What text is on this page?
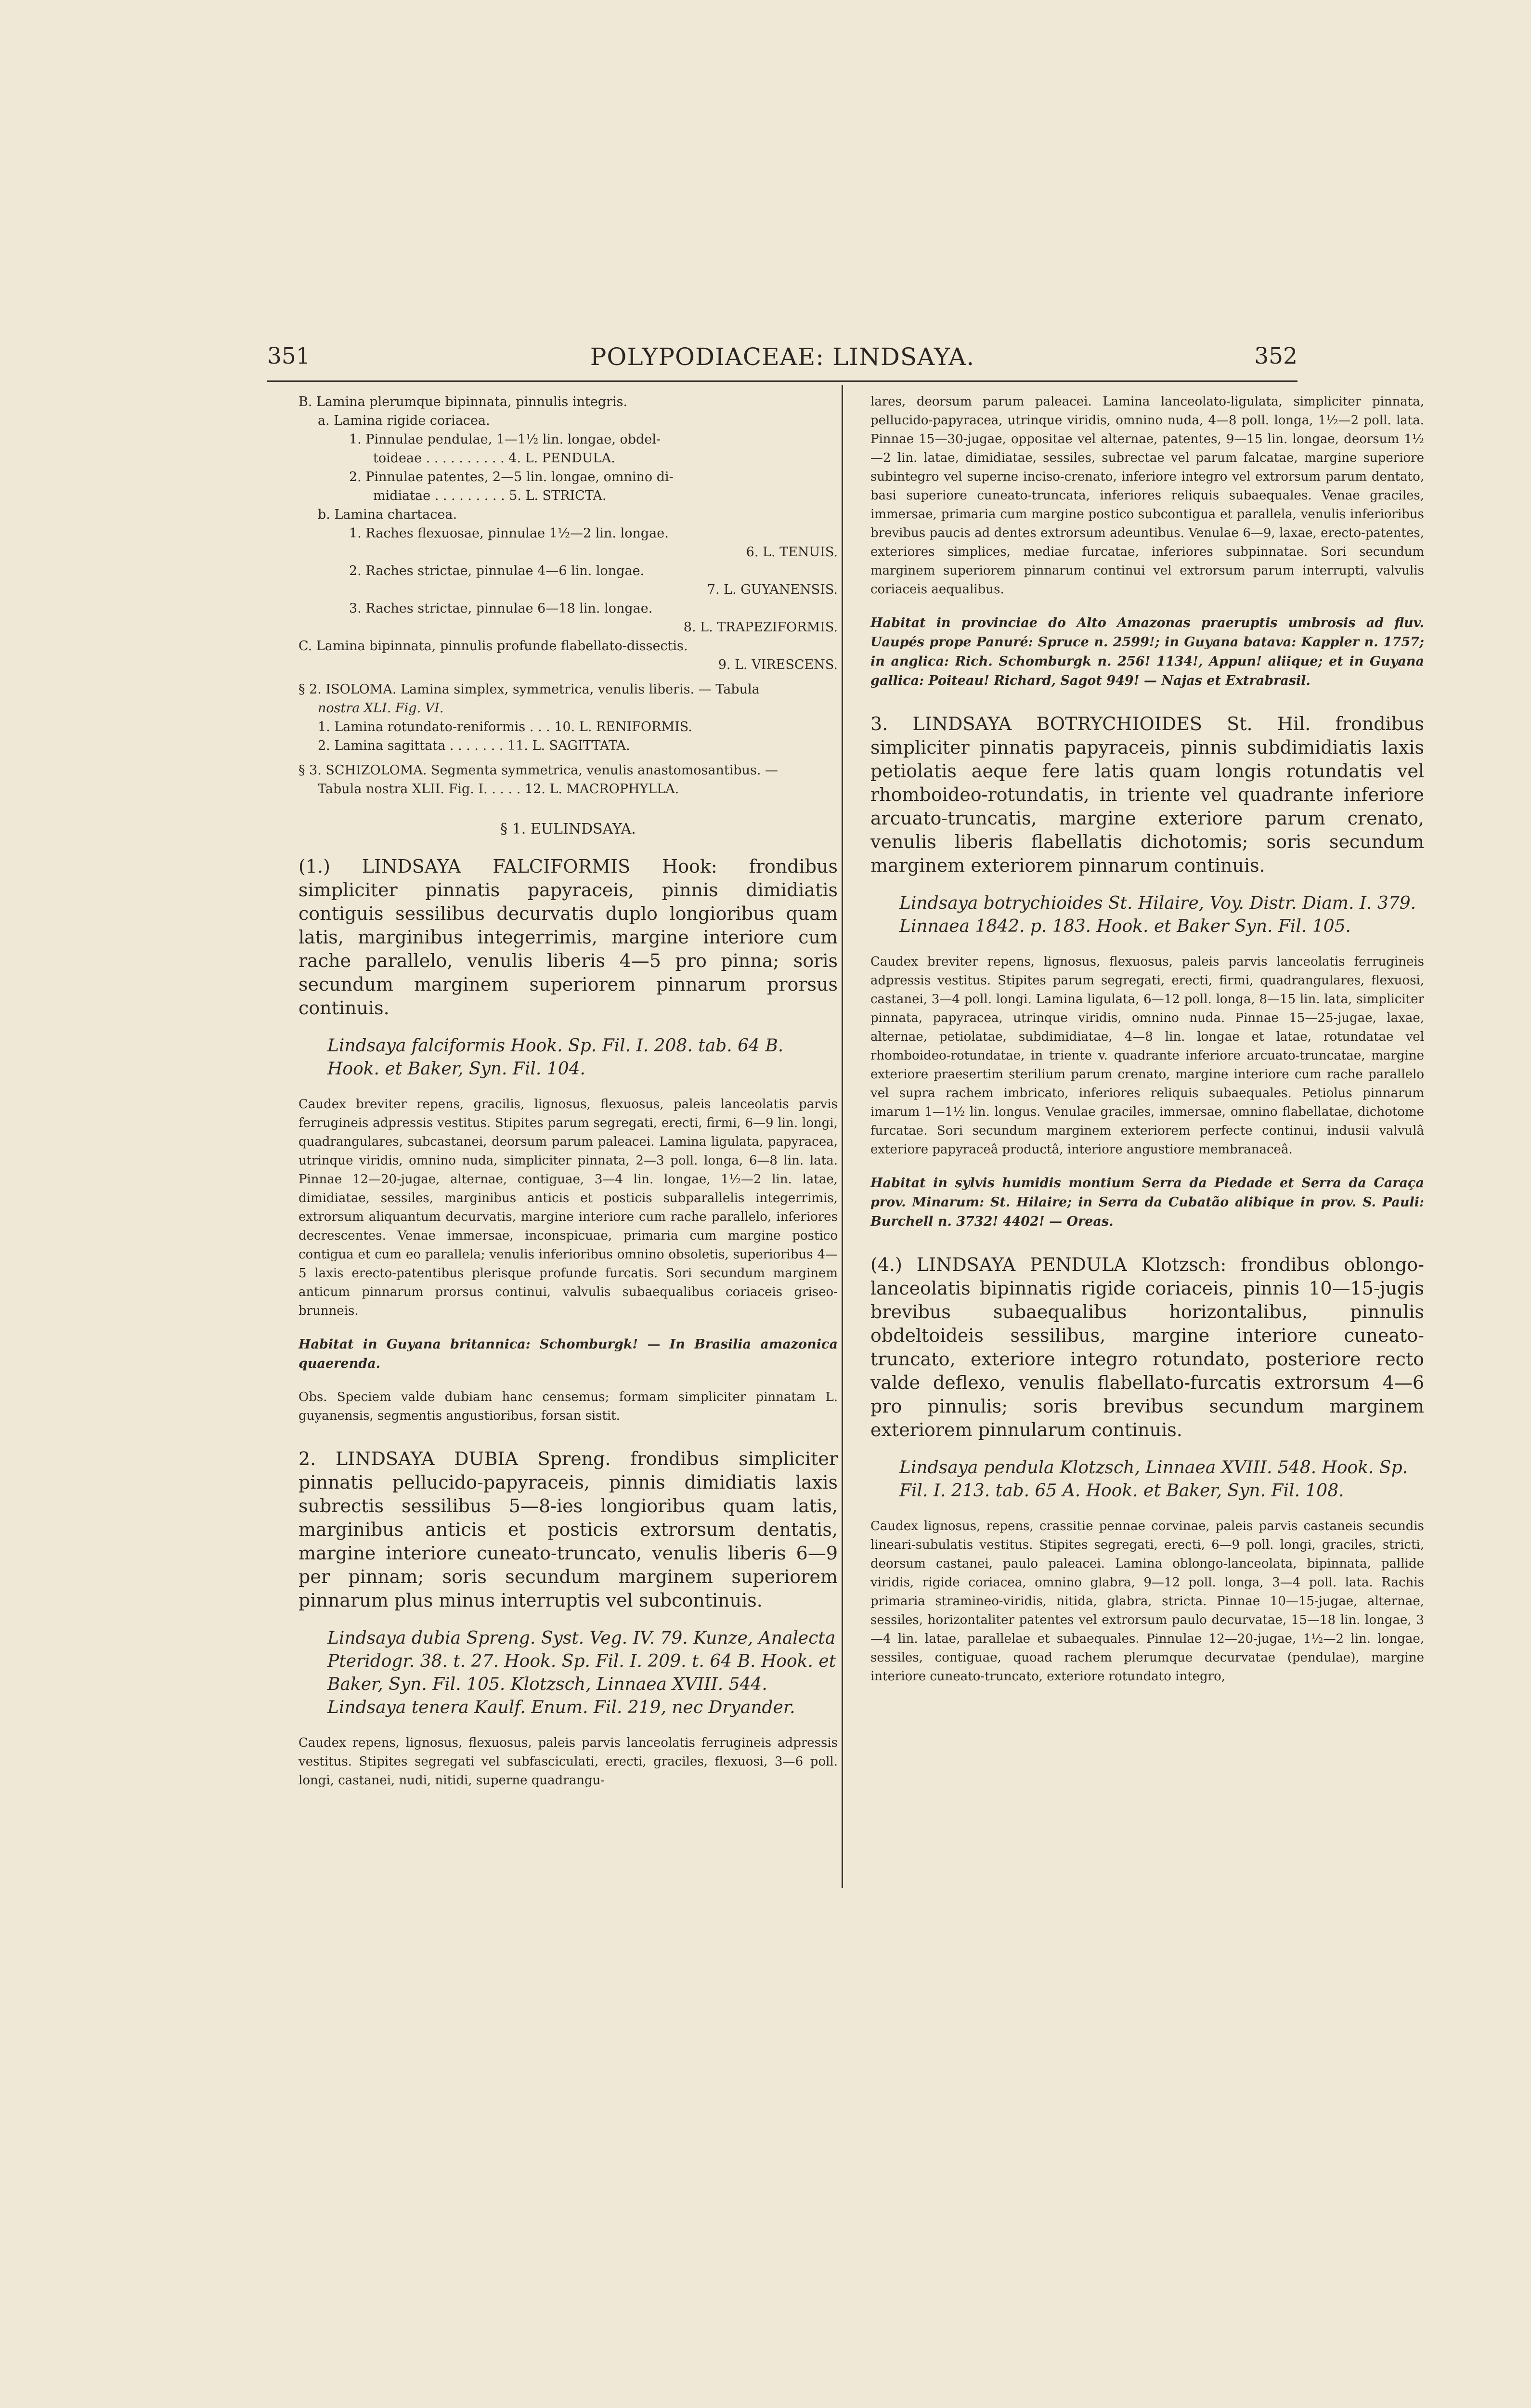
351	POLYPODIACEAE: LINDSAYA.	352
B. Lamina plerumque bipinnata, pinnulis integris.
a. Lamina rigide coriacea.
1. Pinnulae pendulae, 1—1½ lin. longae, obdel-
toideae . . . . . . . . . . 4. L. PENDULA.
2. Pinnulae patentes, 2—5 lin. longae, omnino di-
midiatae . . . . . . . . . 5. L. STRICTA.
b. Lamina chartacea.
1. Raches flexuosae, pinnulae 1½—2 lin. longae.
6. L. TENUIS.
2. Raches strictae, pinnulae 4—6 lin. longae.
7. L. GUYANENSIS.
3. Raches strictae, pinnulae 6—18 lin. longae.
8. L. TRAPEZIFORMIS.
C. Lamina bipinnata, pinnulis profunde flabellato-dissectis.
9. L. VIRESCENS.
§ 2. ISOLOMA. Lamina simplex, symmetrica, venulis liberis. — Tabula
nostra XLI. Fig. VI.
1. Lamina rotundato-reniformis . . . 10. L. RENIFORMIS.
2. Lamina sagittata . . . . . . . 11. L. SAGITTATA.
§ 3. SCHIZOLOMA. Segmenta symmetrica, venulis anastomosantibus. —
Tabula nostra XLII. Fig. I. . . . . 12. L. MACROPHYLLA.
§ 1. EULINDSAYA.
(1.) LINDSAYA FALCIFORMIS Hook: frondibus simpliciter pinnatis papyraceis, pinnis dimidiatis contiguis sessilibus decurvatis duplo longioribus quam latis, marginibus integerrimis, margine interiore cum rache parallelo, venulis liberis 4—5 pro pinna; soris secundum marginem superiorem pinnarum prorsus continuis.
Lindsaya falciformis Hook. Sp. Fil. I. 208. tab. 64 B. Hook. et Baker, Syn. Fil. 104.
Caudex breviter repens, gracilis, lignosus, flexuosus, paleis lanceolatis parvis ferrugineis adpressis vestitus. Stipites parum segregati, erecti, firmi, 6—9 lin. longi, quadrangulares, subcastanei, deorsum parum paleacei. Lamina ligulata, papyracea, utrinque viridis, omnino nuda, simpliciter pinnata, 2—3 poll. longa, 6—8 lin. lata. Pinnae 12—20-jugae, alternae, contiguae, 3—4 lin. longae, 1½—2 lin. latae, dimidiatae, sessiles, marginibus anticis et posticis subparallelis integerrimis, extrorsum aliquantum decurvatis, margine interiore cum rache parallelo, inferiores decrescentes. Venae immersae, inconspicuae, primaria cum margine postico contigua et cum eo parallela; venulis inferioribus omnino obsoletis, superioribus 4—5 laxis erecto-patentibus plerisque profunde furcatis. Sori secundum marginem anticum pinnarum prorsus continui, valvulis subaequalibus coriaceis griseo-brunneis.
Habitat in Guyana britannica: Schomburgk! — In Brasilia amazonica quaerenda.
Obs. Speciem valde dubiam hanc censemus; formam simpliciter pinnatam L. guyanensis, segmentis angustioribus, forsan sistit.
2. LINDSAYA DUBIA Spreng. frondibus simpliciter pinnatis pellucido-papyraceis, pinnis dimidiatis laxis subrectis sessilibus 5—8-ies longioribus quam latis, marginibus anticis et posticis extrorsum dentatis, margine interiore cuneato-truncato, venulis liberis 6—9 per pinnam; soris secundum marginem superiorem pinnarum plus minus interruptis vel subcontinuis.
Lindsaya dubia Spreng. Syst. Veg. IV. 79. Kunze, Analecta Pteridogr. 38. t. 27. Hook. Sp. Fil. I. 209. t. 64 B. Hook. et Baker, Syn. Fil. 105. Klotzsch, Linnaea XVIII. 544. Lindsaya tenera Kaulf. Enum. Fil. 219, nec Dryander.
Caudex repens, lignosus, flexuosus, paleis parvis lanceolatis ferrugineis adpressis vestitus. Stipites segregati vel subfasciculati, erecti, graciles, flexuosi, 3—6 poll. longi, castanei, nudi, nitidi, superne quadrangu-
lares, deorsum parum paleacei. Lamina lanceolato-ligulata, simpliciter pinnata, pellucido-papyracea, utrinque viridis, omnino nuda, 4—8 poll. longa, 1½—2 poll. lata. Pinnae 15—30-jugae, oppositae vel alternae, patentes, 9—15 lin. longae, deorsum 1½—2 lin. latae, dimidiatae, sessiles, subrectae vel parum falcatae, margine superiore subintegro vel superne inciso-crenato, inferiore integro vel extrorsum parum dentato, basi superiore cuneato-truncata, inferiores reliquis subaequales. Venae graciles, immersae, primaria cum margine postico subcontigua et parallela, venulis inferioribus brevibus paucis ad dentes extrorsum adeuntibus. Venulae 6—9, laxae, erecto-patentes, exteriores simplices, mediae furcatae, inferiores subpinnatae. Sori secundum marginem superiorem pinnarum continui vel extrorsum parum interrupti, valvulis coriaceis aequalibus.
Habitat in provinciae do Alto Amazonas praeruptis umbrosis ad fluv. Uaupés prope Panuré: Spruce n. 2599!; in Guyana batava: Kappler n. 1757; in anglica: Rich. Schomburgk n. 256! 1134!, Appun! aliique; et in Guyana gallica: Poiteau! Richard, Sagot 949! — Najas et Extrabrasil.
3. LINDSAYA BOTRYCHIOIDES St. Hil. frondibus simpliciter pinnatis papyraceis, pinnis subdimidiatis laxis petiolatis aeque fere latis quam longis rotundatis vel rhomboideo-rotundatis, in triente vel quadrante inferiore arcuato-truncatis, margine exteriore parum crenato, venulis liberis flabellatis dichotomis; soris secundum marginem exteriorem pinnarum continuis.
Lindsaya botrychioides St. Hilaire, Voy. Distr. Diam. I. 379. Linnaea 1842. p. 183. Hook. et Baker Syn. Fil. 105.
Caudex breviter repens, lignosus, flexuosus, paleis parvis lanceolatis ferrugineis adpressis vestitus. Stipites parum segregati, erecti, firmi, quadrangulares, flexuosi, castanei, 3—4 poll. longi. Lamina ligulata, 6—12 poll. longa, 8—15 lin. lata, simpliciter pinnata, papyracea, utrinque viridis, omnino nuda. Pinnae 15—25-jugae, laxae, alternae, petiolatae, subdimidiatae, 4—8 lin. longae et latae, rotundatae vel rhomboideo-rotundatae, in triente v. quadrante inferiore arcuato-truncatae, margine exteriore praesertim sterilium parum crenato, margine interiore cum rache parallelo vel supra rachem imbricato, inferiores reliquis subaequales. Petiolus pinnarum imarum 1—1½ lin. longus. Venulae graciles, immersae, omnino flabellatae, dichotome furcatae. Sori secundum marginem exteriorem perfecte continui, indusii valvulâ exteriore papyraceâ productâ, interiore angustiore membranaceâ.
Habitat in sylvis humidis montium Serra da Piedade et Serra da Caraça prov. Minarum: St. Hilaire; in Serra da Cubatão alibique in prov. S. Pauli: Burchell n. 3732! 4402! — Oreas.
(4.) LINDSAYA PENDULA Klotzsch: frondibus oblongo-lanceolatis bipinnatis rigide coriaceis, pinnis 10—15-jugis brevibus subaequalibus horizontalibus, pinnulis obdeltoideis sessilibus, margine interiore cuneato-truncato, exteriore integro rotundato, posteriore recto valde deflexo, venulis flabellato-furcatis extrorsum 4—6 pro pinnulis; soris brevibus secundum marginem exteriorem pinnularum continuis.
Lindsaya pendula Klotzsch, Linnaea XVIII. 548. Hook. Sp. Fil. I. 213. tab. 65 A. Hook. et Baker, Syn. Fil. 108.
Caudex lignosus, repens, crassitie pennae corvinae, paleis parvis castaneis secundis lineari-subulatis vestitus. Stipites segregati, erecti, 6—9 poll. longi, graciles, stricti, deorsum castanei, paulo paleacei. Lamina oblongo-lanceolata, bipinnata, pallide viridis, rigide coriacea, omnino glabra, 9—12 poll. longa, 3—4 poll. lata. Rachis primaria stramineo-viridis, nitida, glabra, stricta. Pinnae 10—15-jugae, alternae, sessiles, horizontaliter patentes vel extrorsum paulo decurvatae, 15—18 lin. longae, 3—4 lin. latae, parallelae et subaequales. Pinnulae 12—20-jugae, 1½—2 lin. longae, sessiles, contiguae, quoad rachem plerumque decurvatae (pendulae), margine interiore cuneato-truncato, exteriore rotundato integro,
